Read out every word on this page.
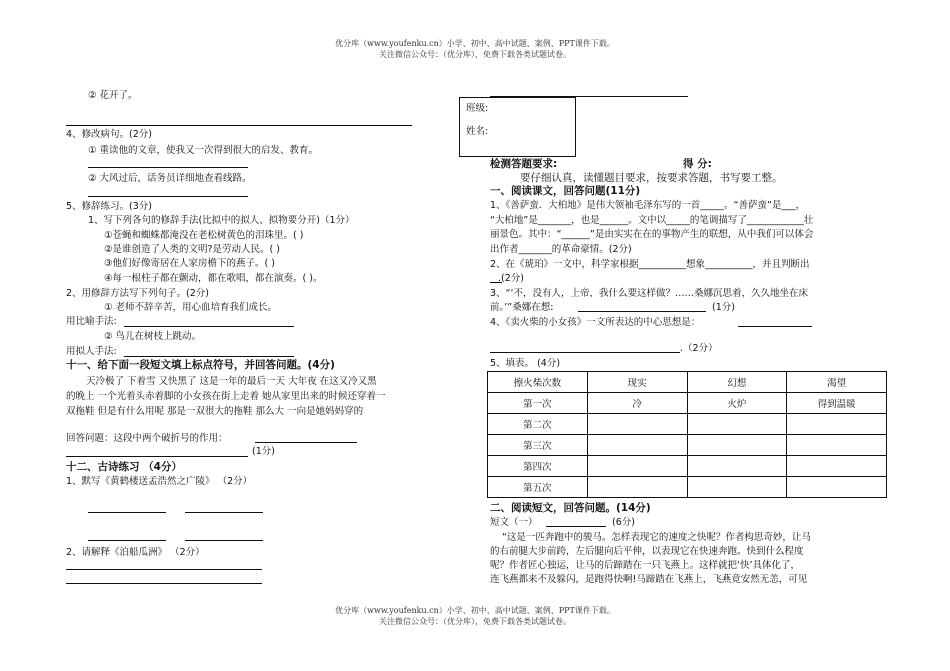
优分库（www.youfenku.cn）小学、初中、高中试题、案例、PPT课件下载。
关注微信公众号：（优分库），免费下载各类试题试卷。
② 花开了。
4、修改病句。(2分)
① 重读他的文章，使我又一次得到很大的启发、教育。
② 大风过后，话务员详细地查看线路。
5、修辞练习。(3分)
1、写下列各句的修辞手法(比拟中的拟人、拟物要分开)（1分）
①苍蝇和蜘蛛都淹没在老松树黄色的泪珠里。( )
②是谁创造了人类的文明?是劳动人民。( )
③他们好像寄居在人家房檐下的燕子。( )
④每一根柱子都在颤动，都在歌唱，都在演奏。( )。
2、用修辞方法写下列句子。(2分)
① 老师不辞辛苦，用心血培育我们成长。
用比喻手法:
② 鸟儿在树枝上跳动。
用拟人手法:
十一、给下面一段短文填上标点符号，并回答问题。(4分)
天冷极了 下着雪 又快黑了 这是一年的最后一天 大年夜 在这又冷又黑
的晚上 一个光着头赤着脚的小女孩在街上走着 她从家里出来的时候还穿着一
双拖鞋 但是有什么用呢 那是一双很大的拖鞋 那么大 一向是她妈妈穿的
回答问题：这段中两个破折号的作用：
(1分)
十二、古诗练习 （4分）
1、默写《黄鹤楼送孟浩然之广陵》 （2分）
2、请解释《泊船瓜洲》 （2分）
班级:
姓名:
检测答题要求:	得 分:
要仔细认真，读懂题目要求，按要求答题，书写要工整。
一、阅读课文，回答问题(11分)
1、《善萨蛮．大柏地》是伟大领袖毛泽东写的一首_____。“善萨蛮”是___，
“大柏地”是_______，也是______。文中以_____的笔调描写了____________壮
丽景色。其中：“______”是由实实在在的事物产生的联想，从中我们可以体会
出作者_______的革命豪情。(2分)
2、在《琥珀》一文中，科学家根据__________想象__________，并且判断出
.(2分)
3、“‘不，没有人，上帝，我什么要这样做？……桑娜沉思着，久久地坐在床
前。’”桑娜在想:	(1分)
4、《卖火柴的小女孩》一文所表达的中心思想是：
.（2分）
5、填表。 (4分)
擦火柴次数	现实	幻想	渴望
第一次	冷	火炉	得到温暖
第二次			
第三次			
第四次			
第五次			
二、阅读短文，回答问题。(14分)
短文（一）	(6分)
“这是一匹奔跑中的骏马。怎样表现它的速度之快呢？作者构思奇妙，让马
的右前腿大步前跨，左后腿向后平伸，以表现它在快速奔跑。快到什么程度
呢？作者匠心独运，让马的后蹄踏在一只飞燕上。这样就把‘快’具体化了，
连飞燕都来不及躲闪，是跑得快啊!马蹄踏在飞燕上，飞燕竟安然无恙，可见
优分库（www.youfenku.cn）小学、初中、高中试题、案例、PPT课件下载。
关注微信公众号：（优分库），免费下载各类试题试卷。
